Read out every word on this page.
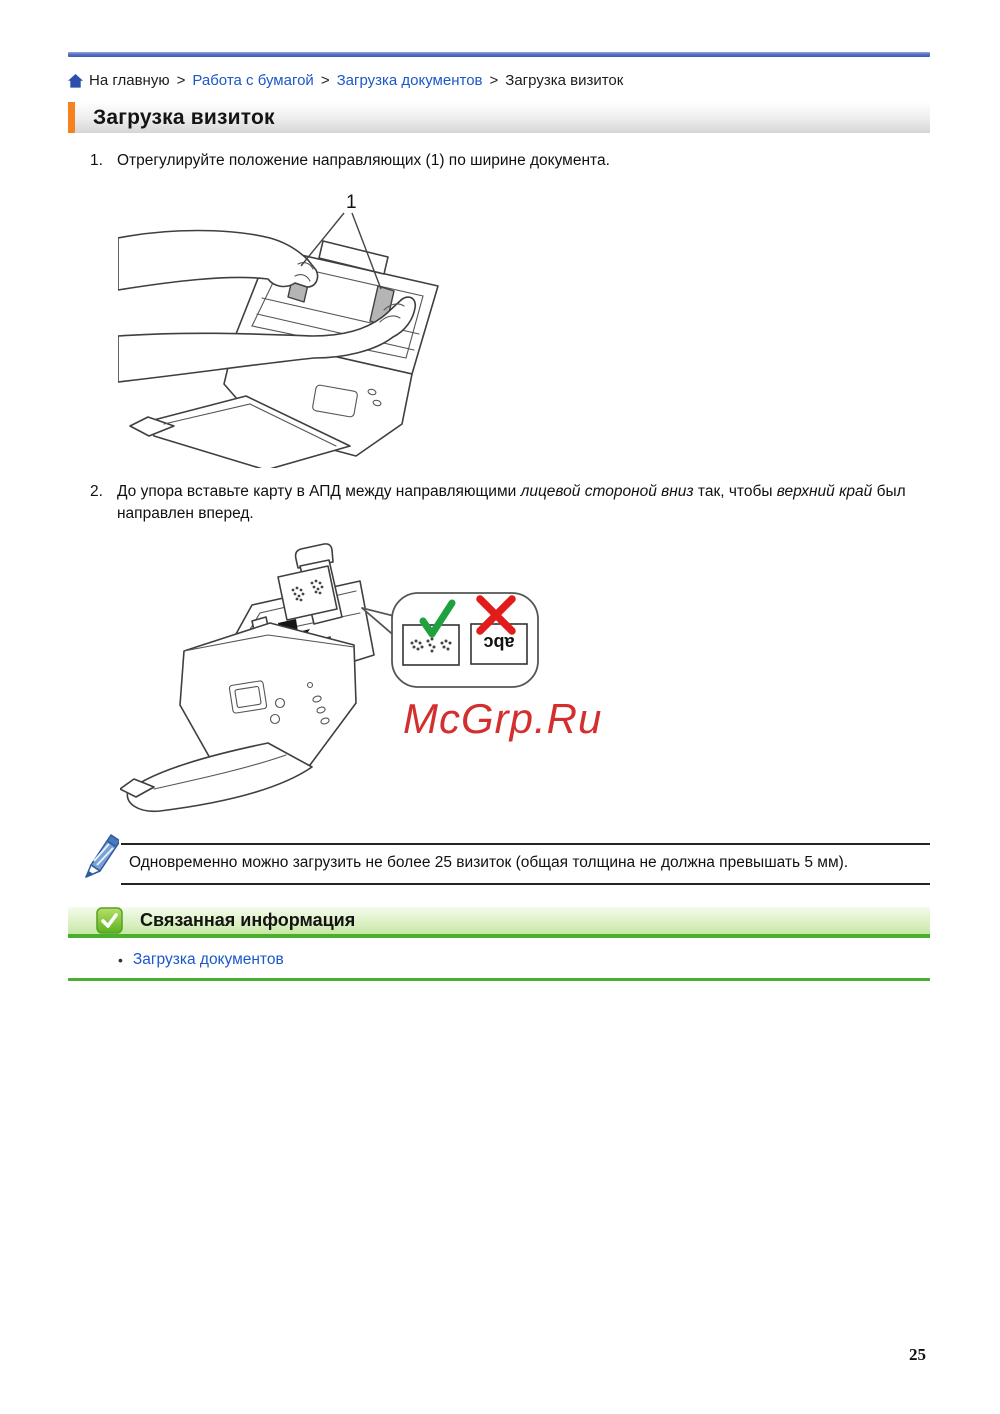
На главную > Работа с бумагой > Загрузка документов > Загрузка визиток
Загрузка визиток
1. Отрегулируйте положение направляющих (1) по ширине документа.
1
2. До упора вставьте карту в АПД между направляющими лицевой стороной вниз так, чтобы верхний край был направлен вперед.
abc
McGrp.Ru
Одновременно можно загрузить не более 25 визиток (общая толщина не должна превышать 5 мм).
Связанная информация
• Загрузка документов
25
